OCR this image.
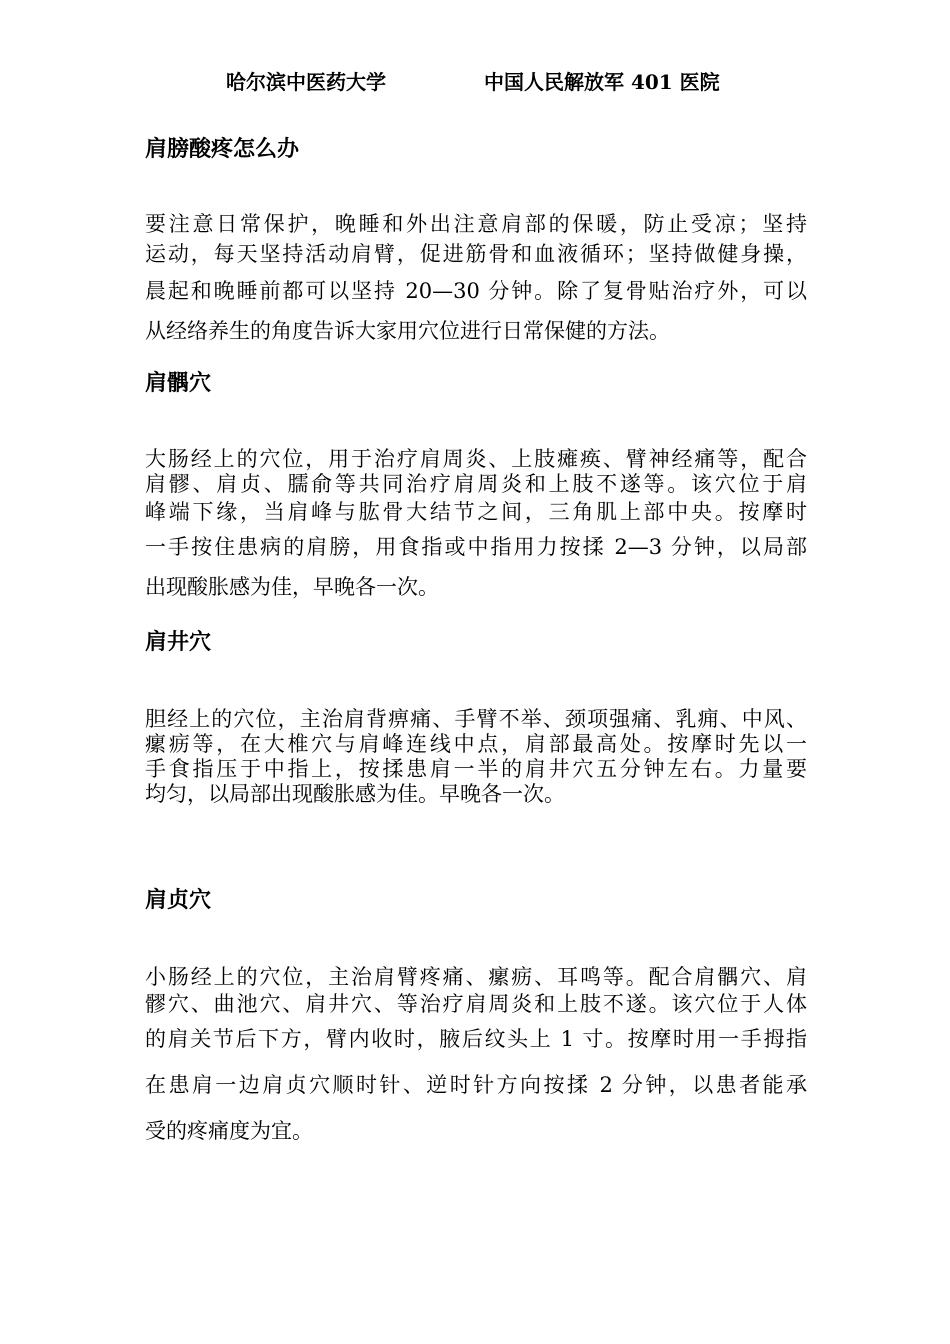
哈尔滨中医药大学	中国人民解放军 401 医院
肩膀酸疼怎么办
要注意日常保护，晚睡和外出注意肩部的保暖，防止受凉；坚持
运动，每天坚持活动肩臂，促进筋骨和血液循环；坚持做健身操，
晨起和晚睡前都可以坚持 20—30 分钟。除了复骨贴治疗外，可以
从经络养生的角度告诉大家用穴位进行日常保健的方法。
肩髃穴
大肠经上的穴位，用于治疗肩周炎、上肢瘫痪、臂神经痛等，配合
肩髎、肩贞、臑俞等共同治疗肩周炎和上肢不遂等。该穴位于肩
峰端下缘，当肩峰与肱骨大结节之间，三角肌上部中央。按摩时
一手按住患病的肩膀，用食指或中指用力按揉 2—3 分钟，以局部
出现酸胀感为佳，早晚各一次。
肩井穴
胆经上的穴位，主治肩背痹痛、手臂不举、颈项强痛、乳痈、中风、
瘰疬等，在大椎穴与肩峰连线中点，肩部最高处。按摩时先以一
手食指压于中指上，按揉患肩一半的肩井穴五分钟左右。力量要
均匀，以局部出现酸胀感为佳。早晚各一次。
肩贞穴
小肠经上的穴位，主治肩臂疼痛、瘰疬、耳鸣等。配合肩髃穴、肩
髎穴、曲池穴、肩井穴、等治疗肩周炎和上肢不遂。该穴位于人体
的肩关节后下方，臂内收时，腋后纹头上 1 寸。按摩时用一手拇指
在患肩一边肩贞穴顺时针、逆时针方向按揉 2 分钟，以患者能承
受的疼痛度为宜。
